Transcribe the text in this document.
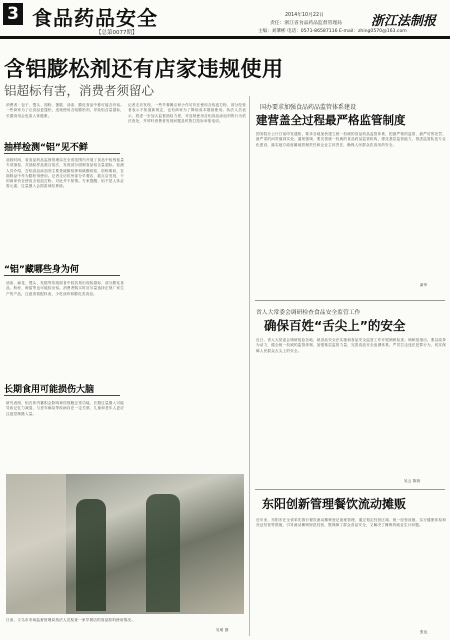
3 食品药品安全
【总第0077期】
2014年10月22日
责任：浙江省食品药品监督管理局 浙江法制报
主编：刘肇彬 电话：0571-86587116 E-mail：zhing0570@163.com
含铝膨松剂还有店家违规使用
铝超标有害，消费者须留心
消费者：包子、馒头、面粉、蛋糕、油条、膨化食品中都可能含有铝。一些商家为了让食品更蓬松，违规使用含铝膨松剂，导致铝含量超标，长期食用会危害人体健康。
抽样检测“铝”见不鲜
前段时间，省食品药品监督管理局在全省范围内开展了食品中铝残留量专项抽检，共抽检样品数百批次，发现部分面制食品铝含量超标。检测人员介绍，含铝食品添加剂主要是硫酸铝钾和硫酸铝铵，俗称明矾，在面制品中作为膨松剂使用。记者走访杭州部分早餐店、糕点店发现，个别商家仍在使用含铝泡打粉，对此并不知情。专家提醒，铝不是人体必需元素，过量摄入会损害神经系统。
“铝”藏哪些身为何
油条、麻花、馒头、发糕等传统面食中较容易出现铝超标，部分膨化食品、粉丝、海蜇等也可能检出铝。消费者购买时应尽量选择正规厂家生产的产品，注意查看配料表，少吃油炸和膨化类食品。
长期食用可能损伤大脑
研究表明，铝在体内蓄积会影响神经细胞正常功能，长期过量摄入可能导致记忆力减退，与老年痴呆等疾病存在一定关联，儿童和老年人更应注意控制摄入量。
记者走访发现，一些早餐摊点和小作坊仍在使用含铝泡打粉，部分经营者表示不知道新规定，也有商家为了降低成本继续使用。执法人员表示，将进一步加大监督抽检力度，对违规使用含铝食品添加剂的行为依法查处，并呼吁消费者发现问题及时拨打投诉举报电话。
日前，义乌市市场监督管理局执法人员检查一家早餐店的食品原料使用情况。
吴明 摄
国办要求加强食品药品监管体系建设
建营盖全过程最严格监管制度
国务院办公厅日前印发通知，要求各地加快建立统一权威的食品药品监管体系，把最严格的监管、最严厉的处罚、最严肃的问责落到实处。通知强调，要完善统一权威的食品药品监管机构，强化基层监管能力，推进监管队伍专业化建设，落实地方政府属地管理责任和企业主体责任，确保人民群众饮食用药安全。
新华
省人大常委会调研检查食品安全监管工作
确保百姓“舌尖上”的安全
近日，省人大常委会调研组赴各地，就食品安全法实施和食品安全监管工作开展调研检查。调研组指出，要以改革为动力，健全统一权威的监管体制，加强基层监管力量，完善食品安全追溯体系，严厉打击违法犯罪行为，切实保障人民群众舌尖上的安全。
吴云 陈伟
东阳创新管理餐饮流动摊贩
近年来，东阳市在全省率先推行餐饮流动摊贩登记备案管理，通过划定经营区域、统一经营设施、实行健康体检和亮证经营等措施，引导流动摊贩规范经营，既保障了群众食品安全，又解决了摊贩的就业生计问题。
张达
